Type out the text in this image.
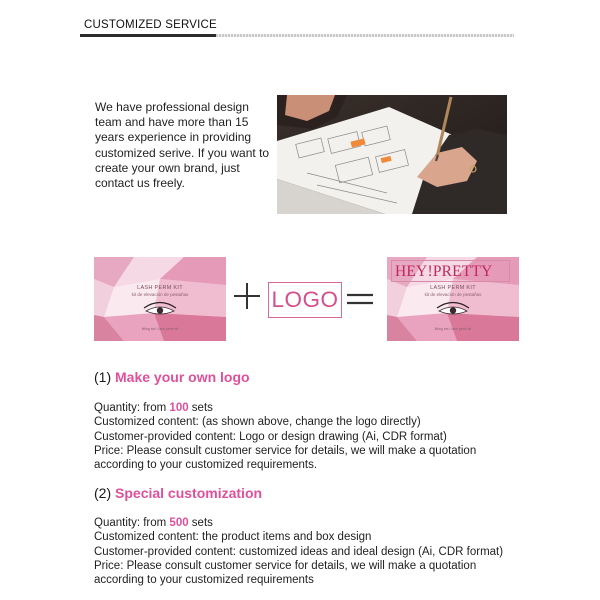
CUSTOMIZED SERVICE
We have professional design team and have more than 15 years experience in providing customized serive. If you want to create your own brand, just contact us freely.
LASH PERM KIT
kit de elevación de pestañas
lifting set / lash perm kit
LOGO
HEY!PRETTY
LASH PERM KIT
kit de elevación de pestañas
lifting set / lash perm kit
(1) Make your own logo
Quantity: from 100 sets
Customized content: (as shown above, change the logo directly)
Customer-provided content: Logo or design drawing (Ai, CDR format)
Price: Please consult customer service for details, we will make a quotation
according to your customized requirements.
(2) Special customization
Quantity: from 500 sets
Customized content: the product items and box design
Customer-provided content: customized ideas and ideal design (Ai, CDR format)
Price: Please consult customer service for details, we will make a quotation
according to your customized requirements
